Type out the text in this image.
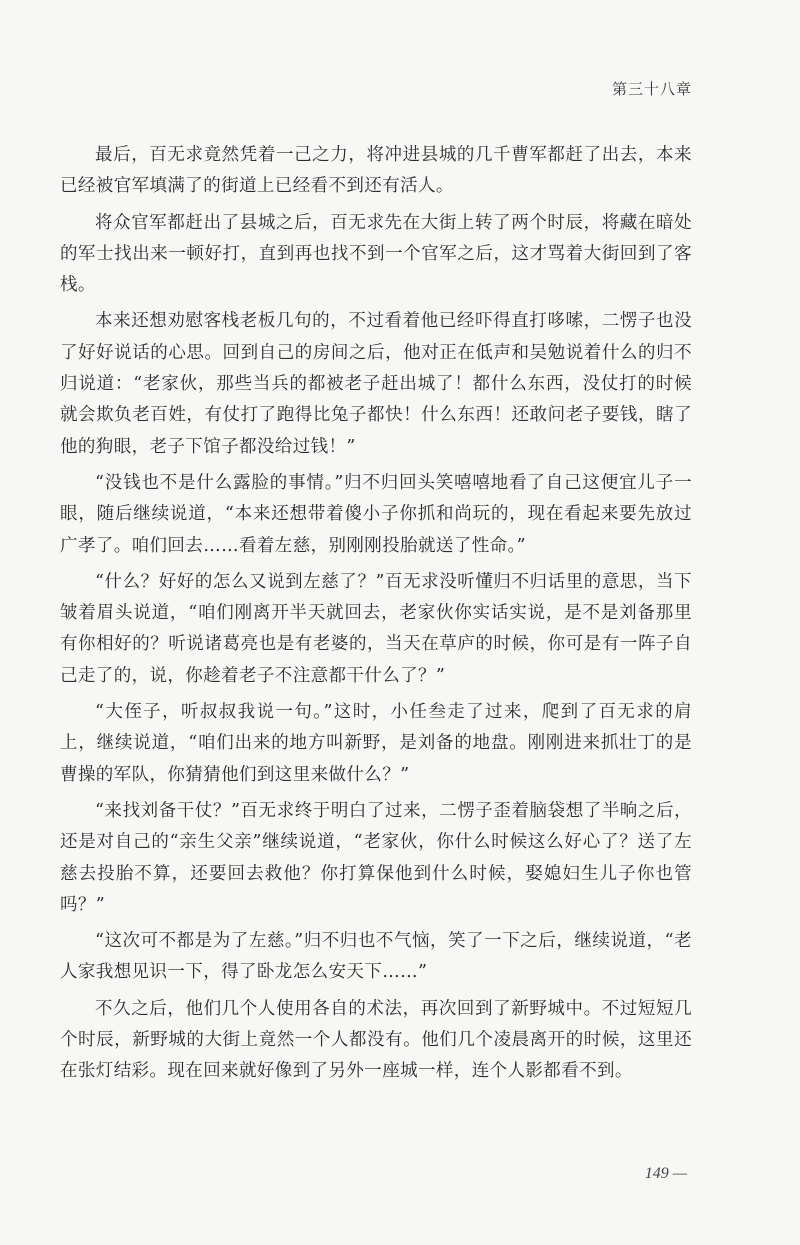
第三十八章

最后，百无求竟然凭着一己之力，将冲进县城的几千曹军都赶了出去，本来已经被官军填满了的街道上已经看不到还有活人。

将众官军都赶出了县城之后，百无求先在大街上转了两个时辰，将藏在暗处的军士找出来一顿好打，直到再也找不到一个官军之后，这才骂着大街回到了客栈。

本来还想劝慰客栈老板几句的，不过看着他已经吓得直打哆嗦，二愣子也没了好好说话的心思。回到自己的房间之后，他对正在低声和吴勉说着什么的归不归说道：“老家伙，那些当兵的都被老子赶出城了！都什么东西，没仗打的时候就会欺负老百姓，有仗打了跑得比兔子都快！什么东西！还敢问老子要钱，瞎了他的狗眼，老子下馆子都没给过钱！”

“没钱也不是什么露脸的事情。”归不归回头笑嘻嘻地看了自己这便宜儿子一眼，随后继续说道，“本来还想带着傻小子你抓和尚玩的，现在看起来要先放过广孝了。咱们回去……看着左慈，别刚刚投胎就送了性命。”

“什么？好好的怎么又说到左慈了？”百无求没听懂归不归话里的意思，当下皱着眉头说道，“咱们刚离开半天就回去，老家伙你实话实说，是不是刘备那里有你相好的？听说诸葛亮也是有老婆的，当天在草庐的时候，你可是有一阵子自己走了的，说，你趁着老子不注意都干什么了？”

“大侄子，听叔叔我说一句。”这时，小任叁走了过来，爬到了百无求的肩上，继续说道，“咱们出来的地方叫新野，是刘备的地盘。刚刚进来抓壮丁的是曹操的军队，你猜猜他们到这里来做什么？”

“来找刘备干仗？”百无求终于明白了过来，二愣子歪着脑袋想了半晌之后，还是对自己的“亲生父亲”继续说道，“老家伙，你什么时候这么好心了？送了左慈去投胎不算，还要回去救他？你打算保他到什么时候，娶媳妇生儿子你也管吗？”

“这次可不都是为了左慈。”归不归也不气恼，笑了一下之后，继续说道，“老人家我想见识一下，得了卧龙怎么安天下……”

不久之后，他们几个人使用各自的术法，再次回到了新野城中。不过短短几个时辰，新野城的大街上竟然一个人都没有。他们几个凌晨离开的时候，这里还在张灯结彩。现在回来就好像到了另外一座城一样，连个人影都看不到。

149 —
